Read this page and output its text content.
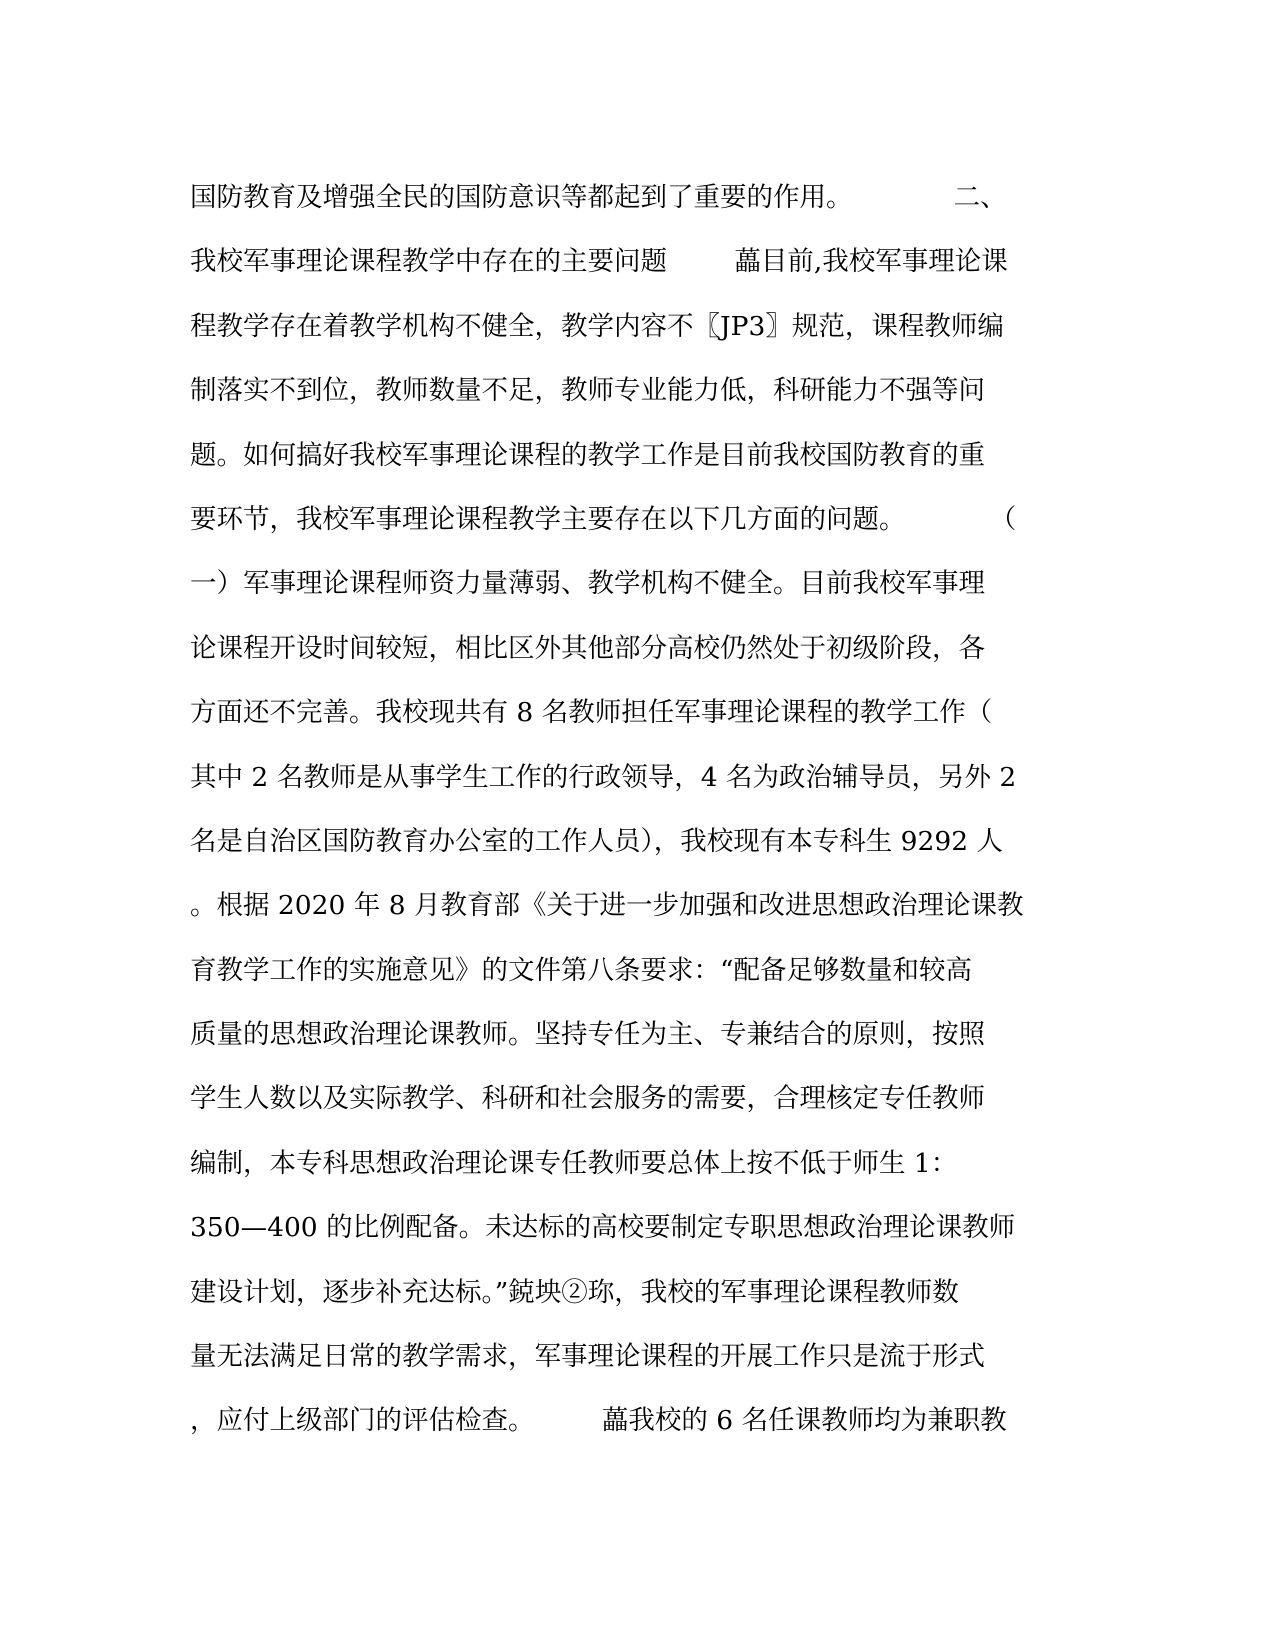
国防教育及增强全民的国防意识等都起到了重要的作用。            二、
我校军事理论课程教学中存在的主要问题        藟目前,我校军事理论课
程教学存在着教学机构不健全，教学内容不〖JP3〗规范，课程教师编
制落实不到位，教师数量不足，教师专业能力低，科研能力不强等问
题。如何搞好我校军事理论课程的教学工作是目前我校国防教育的重
要环节，我校军事理论课程教学主要存在以下几方面的问题。          （
一）军事理论课程师资力量薄弱、教学机构不健全。目前我校军事理
论课程开设时间较短，相比区外其他部分高校仍然处于初级阶段，各
方面还不完善。我校现共有 8 名教师担任军事理论课程的教学工作（
其中 2 名教师是从事学生工作的行政领导，4 名为政治辅导员，另外 2
名是自治区国防教育办公室的工作人员），我校现有本专科生 9292 人
。根据 2020 年 8 月教育部《关于进一步加强和改进思想政治理论课教
育教学工作的实施意见》的文件第八条要求：“配备足够数量和较高
质量的思想政治理论课教师。坚持专任为主、专兼结合的原则，按照
学生人数以及实际教学、科研和社会服务的需要，合理核定专任教师
编制，本专科思想政治理论课专任教师要总体上按不低于师生 1：
350—400 的比例配备。未达标的高校要制定专职思想政治理论课教师
建设计划，逐步补充达标。”鋴坱②珎，我校的军事理论课程教师数
量无法满足日常的教学需求，军事理论课程的开展工作只是流于形式
，应付上级部门的评估检查。        藟我校的 6 名任课教师均为兼职教
